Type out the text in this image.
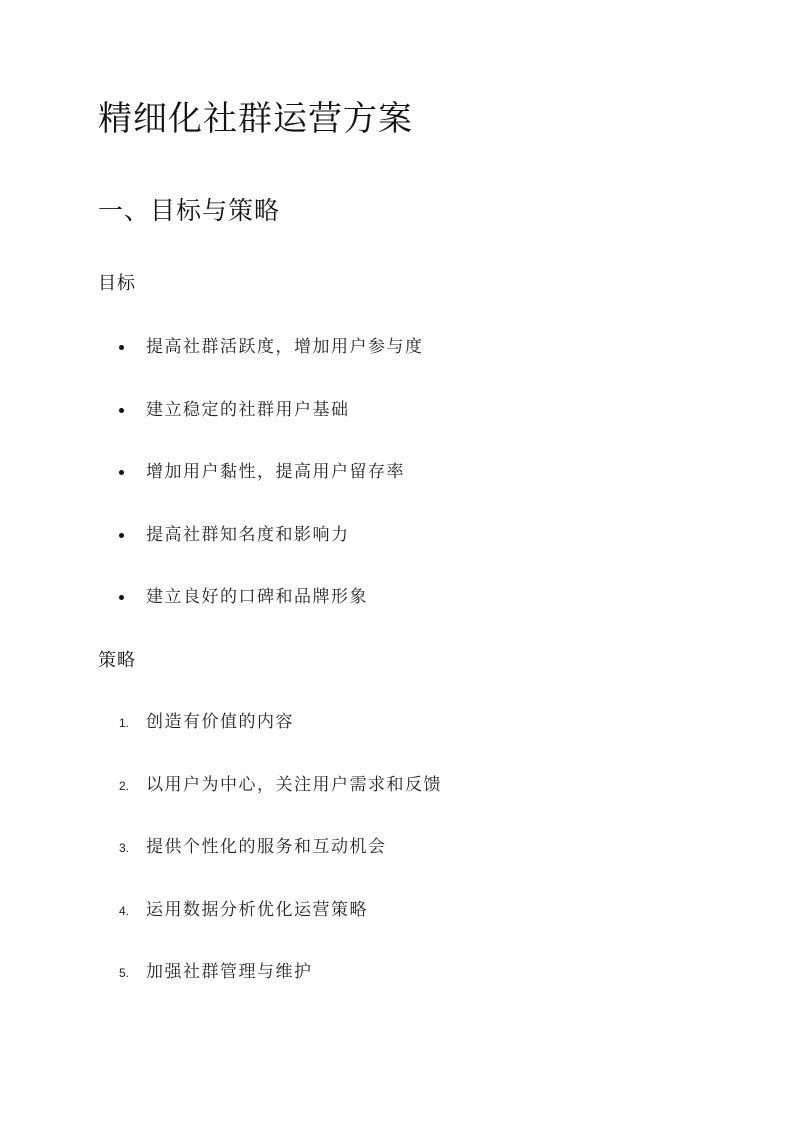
精细化社群运营方案
一、目标与策略
目标
提高社群活跃度，增加用户参与度
建立稳定的社群用户基础
增加用户黏性，提高用户留存率
提高社群知名度和影响力
建立良好的口碑和品牌形象
策略
1. 创造有价值的内容
2. 以用户为中心，关注用户需求和反馈
3. 提供个性化的服务和互动机会
4. 运用数据分析优化运营策略
5. 加强社群管理与维护
